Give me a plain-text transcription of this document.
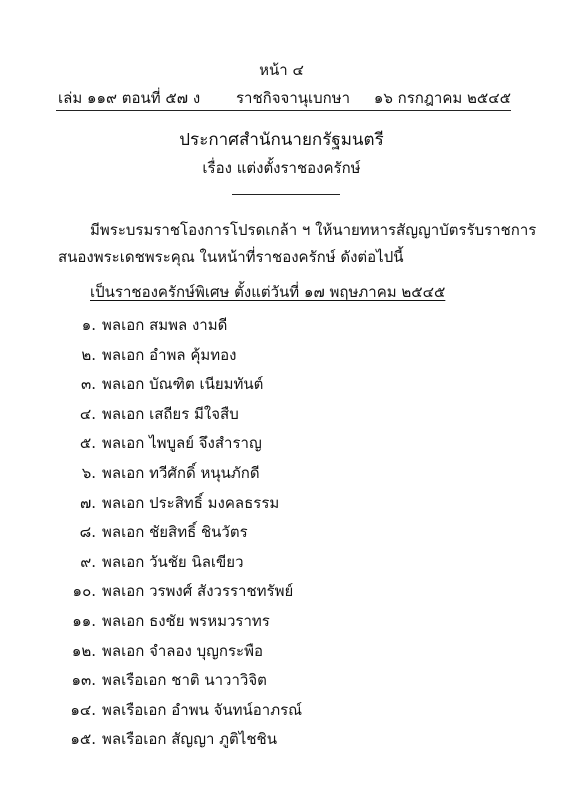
หน้า ๔
เล่ม ๑๑๙ ตอนที่ ๕๗ ง ราชกิจจานุเบกษา ๑๖ กรกฎาคม ๒๕๔๕
ประกาศสำนักนายกรัฐมนตรี
เรื่อง แต่งตั้งราชองครักษ์
มีพระบรมราชโองการโปรดเกล้า ฯ ให้นายทหารสัญญาบัตรรับราชการ
สนองพระเดชพระคุณ ในหน้าที่ราชองครักษ์ ดังต่อไปนี้
เป็นราชองครักษ์พิเศษ ตั้งแต่วันที่ ๑๗ พฤษภาคม ๒๕๔๕
๑. พลเอก สมพล งามดี
๒. พลเอก อำพล คุ้มทอง
๓. พลเอก บัณฑิต เนียมทันต์
๔. พลเอก เสถียร มีใจสืบ
๕. พลเอก ไพบูลย์ จึงสำราญ
๖. พลเอก ทวีศักดิ์ หนุนภักดี
๗. พลเอก ประสิทธิ์ มงคลธรรม
๘. พลเอก ชัยสิทธิ์ ชินวัตร
๙. พลเอก วันชัย นิลเขียว
๑๐. พลเอก วรพงศ์ สังวรราชทรัพย์
๑๑. พลเอก ธงชัย พรหมวราทร
๑๒. พลเอก จำลอง บุญกระพือ
๑๓. พลเรือเอก ชาติ นาวาวิจิต
๑๔. พลเรือเอก อำพน จันทน์อาภรณ์
๑๕. พลเรือเอก สัญญา ภูติไชชิน
